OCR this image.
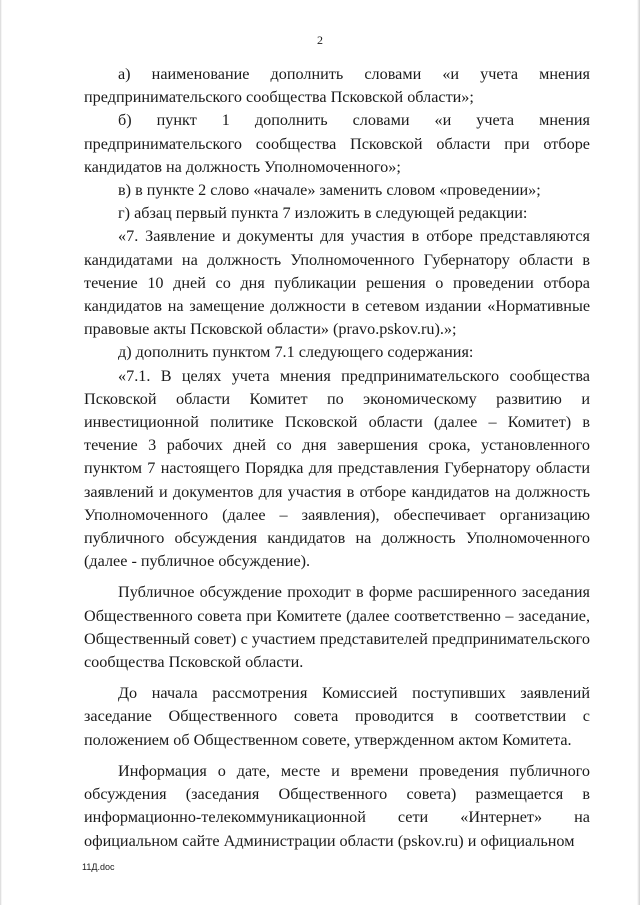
2

а) наименование дополнить словами «и учета мнения предпринимательского сообщества Псковской области»;

б) пункт 1 дополнить словами «и учета мнения предпринимательского сообщества Псковской области при отборе кандидатов на должность Уполномоченного»;

в) в пункте 2 слово «начале» заменить словом «проведении»;

г) абзац первый пункта 7 изложить в следующей редакции:

«7. Заявление и документы для участия в отборе представляются кандидатами на должность Уполномоченного Губернатору области в течение 10 дней со дня публикации решения о проведении отбора кандидатов на замещение должности в сетевом издании «Нормативные правовые акты Псковской области» (pravo.pskov.ru).»;

д) дополнить пунктом 7.1 следующего содержания:

«7.1. В целях учета мнения предпринимательского сообщества Псковской области Комитет по экономическому развитию и инвестиционной политике Псковской области (далее – Комитет) в течение 3 рабочих дней со дня завершения срока, установленного пунктом 7 настоящего Порядка для представления Губернатору области заявлений и документов для участия в отборе кандидатов на должность Уполномоченного (далее – заявления), обеспечивает организацию публичного обсуждения кандидатов на должность Уполномоченного (далее - публичное обсуждение).

Публичное обсуждение проходит в форме расширенного заседания Общественного совета при Комитете (далее соответственно – заседание, Общественный совет) с участием представителей предпринимательского сообщества Псковской области.

До начала рассмотрения Комиссией поступивших заявлений заседание Общественного совета проводится в соответствии с положением об Общественном совете, утвержденном актом Комитета.

Информация о дате, месте и времени проведения публичного обсуждения (заседания Общественного совета) размещается в информационно-телекоммуникационной сети «Интернет» на официальном сайте Администрации области (pskov.ru) и официальном

11Д.doc
